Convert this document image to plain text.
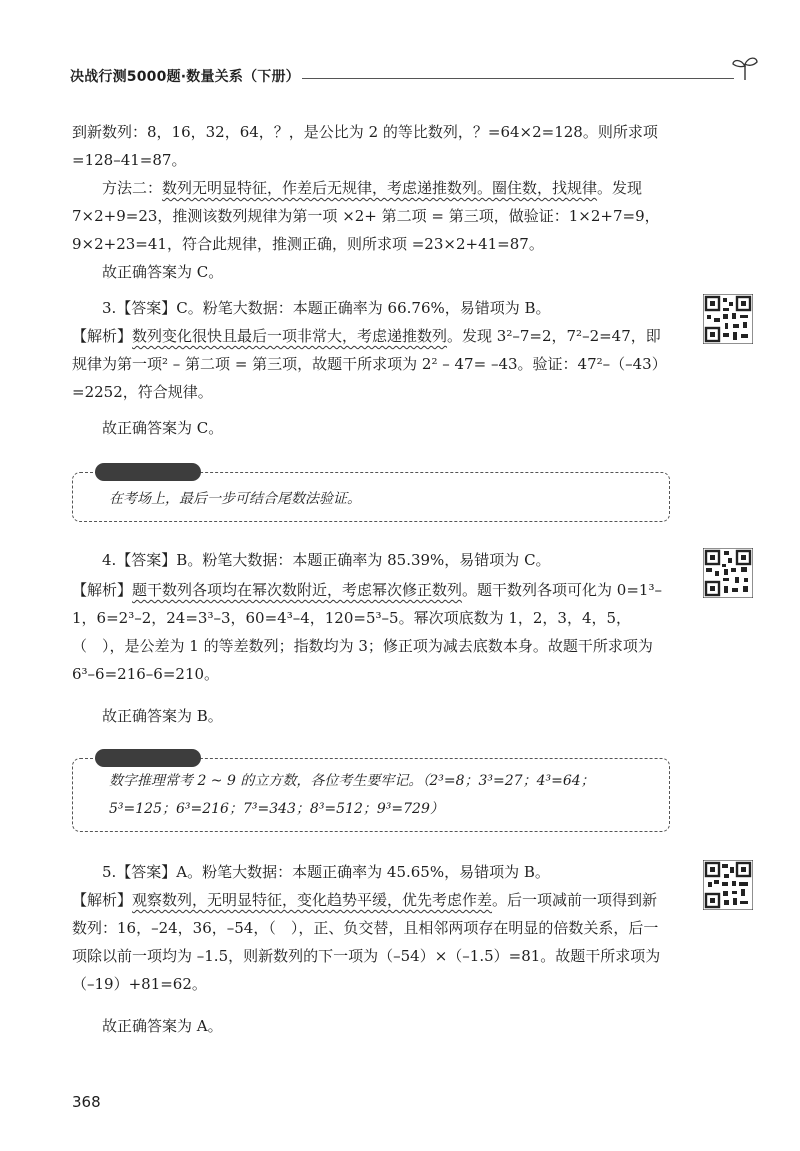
决战行测5000题·数量关系（下册）

到新数列：8，16，32，64，？，是公比为 2 的等比数列，？=64×2=128。则所求项 =128–41=87。

方法二：数列无明显特征，作差后无规律，考虑递推数列。圈住数，找规律。发现 7×2+9=23，推测该数列规律为第一项 ×2+ 第二项 = 第三项，做验证：1×2+7=9，9×2+23=41，符合此规律，推测正确，则所求项 =23×2+41=87。

故正确答案为 C。

3.【答案】C。粉笔大数据：本题正确率为 66.76%，易错项为 B。

【解析】数列变化很快且最后一项非常大，考虑递推数列。发现 3²–7=2，7²–2=47，即规律为第一项² – 第二项 = 第三项，故题干所求项为 2² – 47= –43。验证：47²–（–43）=2252，符合规律。

故正确答案为 C。

在考场上，最后一步可结合尾数法验证。

4.【答案】B。粉笔大数据：本题正确率为 85.39%，易错项为 C。

【解析】题干数列各项均在幂次数附近，考虑幂次修正数列。题干数列各项可化为 0=1³–1，6=2³–2，24=3³–3，60=4³–4，120=5³–5。幂次项底数为 1，2，3，4，5，（　），是公差为 1 的等差数列；指数均为 3；修正项为减去底数本身。故题干所求项为 6³–6=216–6=210。

故正确答案为 B。

数字推理常考 2 ~ 9 的立方数，各位考生要牢记。（2³=8；3³=27；4³=64；5³=125；6³=216；7³=343；8³=512；9³=729）

5.【答案】A。粉笔大数据：本题正确率为 45.65%，易错项为 B。

【解析】观察数列，无明显特征，变化趋势平缓，优先考虑作差。后一项减前一项得到新数列：16，–24，36，–54，（　），正、负交替，且相邻两项存在明显的倍数关系，后一项除以前一项均为 –1.5，则新数列的下一项为（–54）×（–1.5）=81。故题干所求项为（–19）+81=62。

故正确答案为 A。

368
